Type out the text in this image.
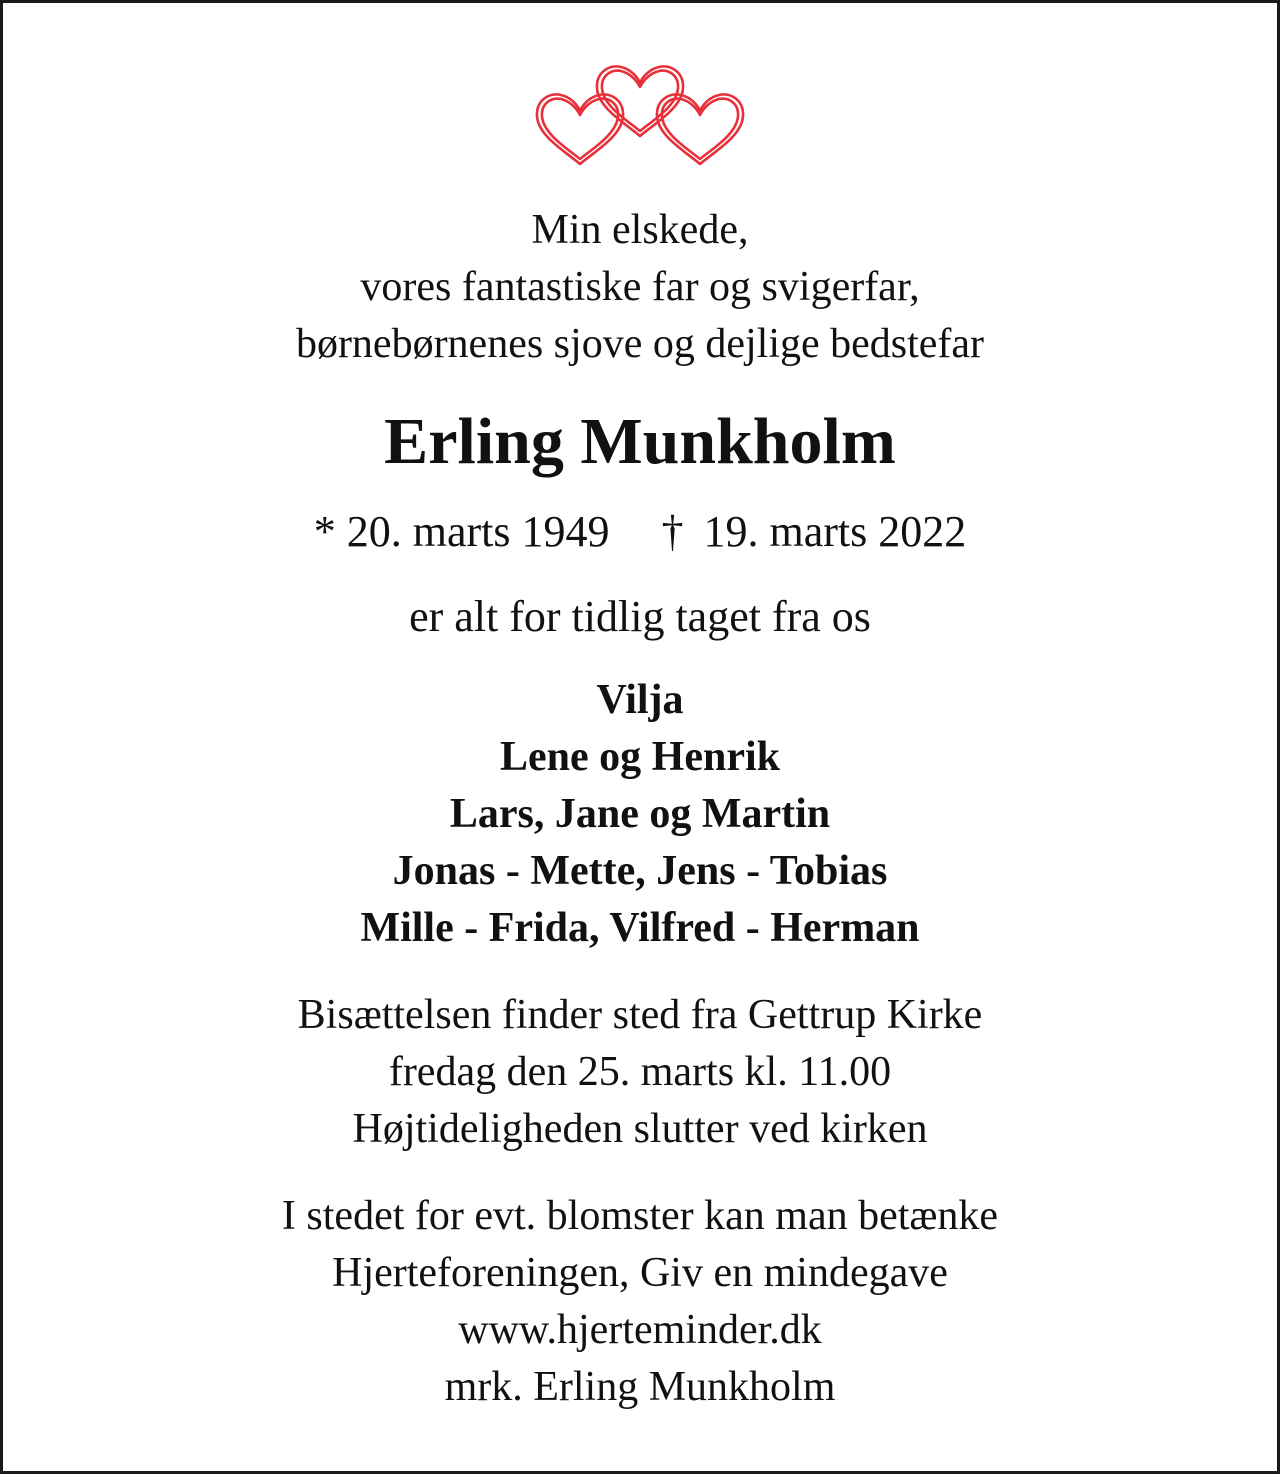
Min elskede,
vores fantastiske far og svigerfar,
børnebørnenes sjove og dejlige bedstefar
Erling Munkholm
* 20. marts 1949 † 19. marts 2022
er alt for tidlig taget fra os
Vilja
Lene og Henrik
Lars, Jane og Martin
Jonas - Mette, Jens - Tobias
Mille - Frida, Vilfred - Herman
Bisættelsen finder sted fra Gettrup Kirke
fredag den 25. marts kl. 11.00
Højtideligheden slutter ved kirken
I stedet for evt. blomster kan man betænke
Hjerteforeningen, Giv en mindegave
www.hjerteminder.dk
mrk. Erling Munkholm
